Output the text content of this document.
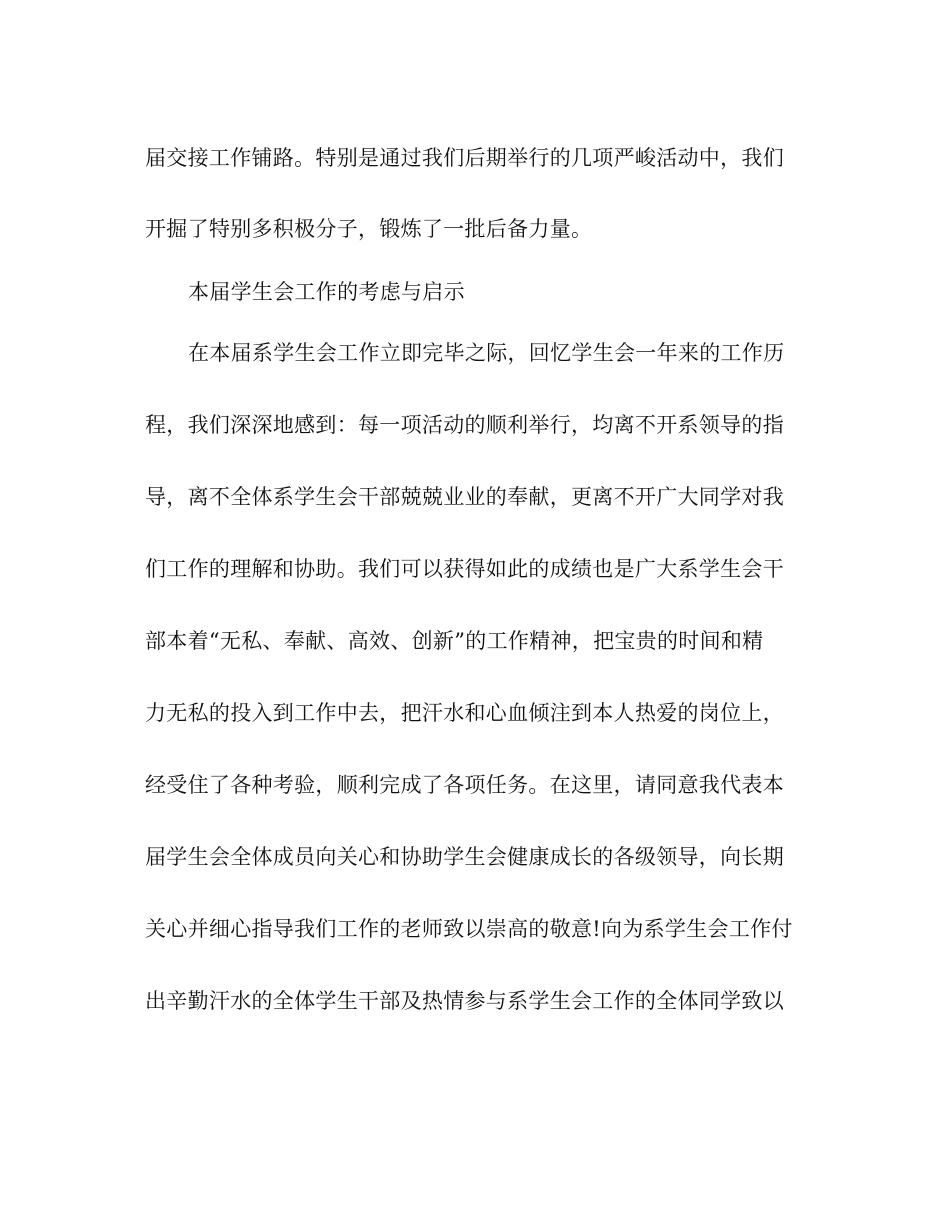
届交接工作铺路。特别是通过我们后期举行的几项严峻活动中，我们
开掘了特别多积极分子，锻炼了一批后备力量。
本届学生会工作的考虑与启示
在本届系学生会工作立即完毕之际，回忆学生会一年来的工作历
程，我们深深地感到：每一项活动的顺利举行，均离不开系领导的指
导，离不全体系学生会干部兢兢业业的奉献，更离不开广大同学对我
们工作的理解和协助。我们可以获得如此的成绩也是广大系学生会干
部本着“无私、奉献、高效、创新”的工作精神，把宝贵的时间和精
力无私的投入到工作中去，把汗水和心血倾注到本人热爱的岗位上，
经受住了各种考验，顺利完成了各项任务。在这里，请同意我代表本
届学生会全体成员向关心和协助学生会健康成长的各级领导，向长期
关心并细心指导我们工作的老师致以崇高的敬意!向为系学生会工作付
出辛勤汗水的全体学生干部及热情参与系学生会工作的全体同学致以
